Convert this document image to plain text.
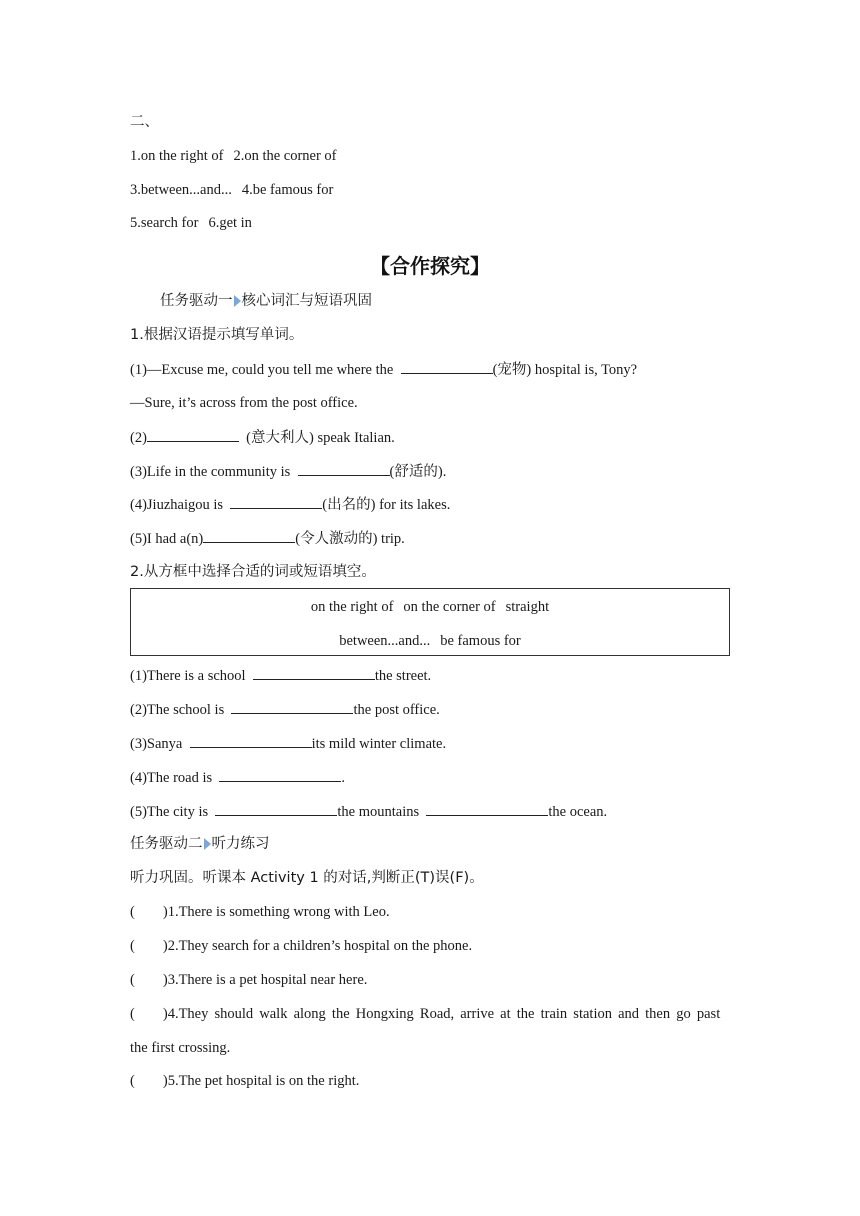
二、
1.on the right of 2.on the corner of
3.between...and... 4.be famous for
5.search for 6.get in
【合作探究】
任务驱动一 核心词汇与短语巩固
1.根据汉语提示填写单词。
(1)—Excuse me, could you tell me where the	(宠物) hospital is, Tony?
—Sure, it’s across from the post office.
(2)	(意大利人) speak Italian.
(3)Life in the community is	(舒适的).
(4)Jiuzhaigou is	(出名的) for its lakes.
(5)I had a(n)	(令人激动的) trip.
2.从方框中选择合适的词或短语填空。
on the right of on the corner of straight
between...and... be famous for
(1)There is a school	the street.
(2)The school is	the post office.
(3)Sanya	its mild winter climate.
(4)The road is	.
(5)The city is	the mountains	the ocean.
任务驱动二 听力练习
听力巩固。听课本 Activity 1 的对话,判断正(T)误(F)。
( )1.There is something wrong with Leo.
( )2.They search for a children’s hospital on the phone.
( )3.There is a pet hospital near here.
( )4.They should walk along the Hongxing Road, arrive at the train station and then go past
the first crossing.
( )5.The pet hospital is on the right.
